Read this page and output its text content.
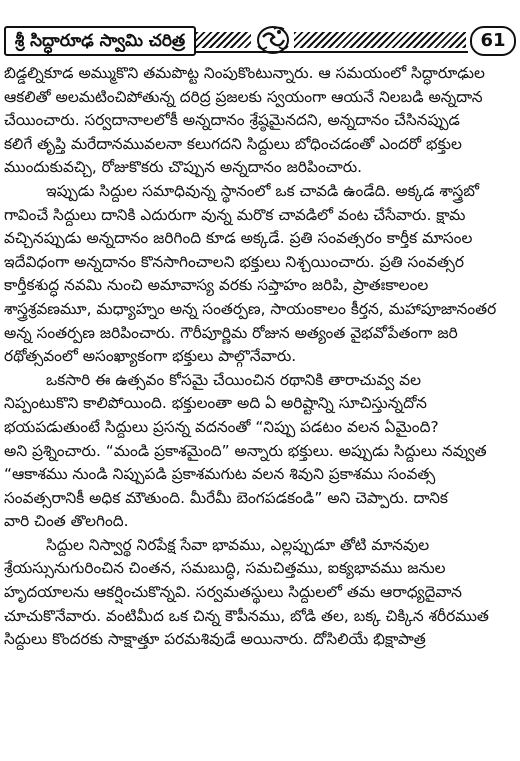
శ్రీ సిద్ధారూఢ స్వామి చరిత్ర	61
బిడ్డల్నికూడ అమ్ముకొని తమపొట్ట నింపుకొంటున్నారు. ఆ సమయంలో సిద్ధారూఢుల
ఆకలితో అలమటించిపోతున్న దరిద్ర ప్రజలకు స్వయంగా ఆయనే నిలబడి అన్నదాన
చేయించారు. సర్వదానాలలోకీ అన్నదానం శ్రేష్ఠమైనదని, అన్నదానం చేసినప్పుడ
కలిగే తృప్తి మరేదానమువలనా కలుగదని సిద్దులు బోధించడంతో ఎందరో భక్తుల
ముందుకువచ్చి, రోజుకొకరు చొప్పున అన్నదానం జరిపించారు.
ఇప్పుడు సిద్దుల సమాధివున్న స్థానంలో ఒక చావడి ఉండేది. అక్కడ శాస్త్రబో
గావించే సిద్దులు దానికి ఎదురుగా వున్న మరొక చావడిలో వంట చేసేవారు. క్షామ
వచ్చినప్పుడు అన్నదానం జరిగింది కూడ అక్కడే. ప్రతి సంవత్సరం కార్తీక మాసంల
ఇదేవిధంగా అన్నదానం కొనసాగించాలని భక్తులు నిశ్చయించారు. ప్రతి సంవత్సర
కార్తీకశుద్ధ నవమి నుంచి అమావాస్య వరకు సప్తాహం జరిపి, ప్రాతఃకాలంల
శాస్త్రశ్రవణమూ, మధ్యాహ్నం అన్న సంతర్పణ, సాయంకాలం కీర్తన, మహాపూజానంతర
అన్న సంతర్పణ జరిపించారు. గౌరీపూర్ణిమ రోజున అత్యంత వైభవోపేతంగా జరి
రథోత్సవంలో అసంఖ్యాకంగా భక్తులు పాల్గొనేవారు.
ఒకసారి ఈ ఉత్సవం కోసమై చేయించిన రథానికి తారాచువ్వ వల
నిప్పంటుకొని కాలిపోయింది. భక్తులంతా అది ఏ అరిష్టాన్ని సూచిస్తున్నదోన
భయపడుతుంటే సిద్దులు ప్రసన్న వదనంతో “నిప్పు పడటం వలన ఏమైంది?
అని ప్రశ్నించారు. “మండి ప్రకాశమైంది” అన్నారు భక్తులు. అప్పుడు సిద్దులు నవ్వుత
“ఆకాశము నుండి నిప్పుపడి ప్రకాశమగుట వలన శివుని ప్రకాశము సంవత్స
సంవత్సరానికీ అధిక మౌతుంది. మీరేమీ బెంగపడకండి” అని చెప్పారు. దానిక
వారి చింత తొలగింది.
సిద్దుల నిస్వార్థ నిరపేక్ష సేవా భావము, ఎల్లప్పుడూ తోటి మానవుల
శ్రేయస్సునుగురించిన చింతన, సమబుద్ధి, సమచిత్తము, ఐక్యభావము జనుల
హృదయాలను ఆకర్షించుకొన్నవి. సర్వమతస్థులు సిద్దులలో తమ ఆరాధ్యదైవాన
చూచుకొనేవారు. వంటిమీద ఒక చిన్న కౌపీనము, బోడి తల, బక్క చిక్కిన శరీరముత
సిద్దులు కొందరకు సాక్షాత్తూ పరమశివుడే అయినారు. దోసిలియే భిక్షాపాత్ర
